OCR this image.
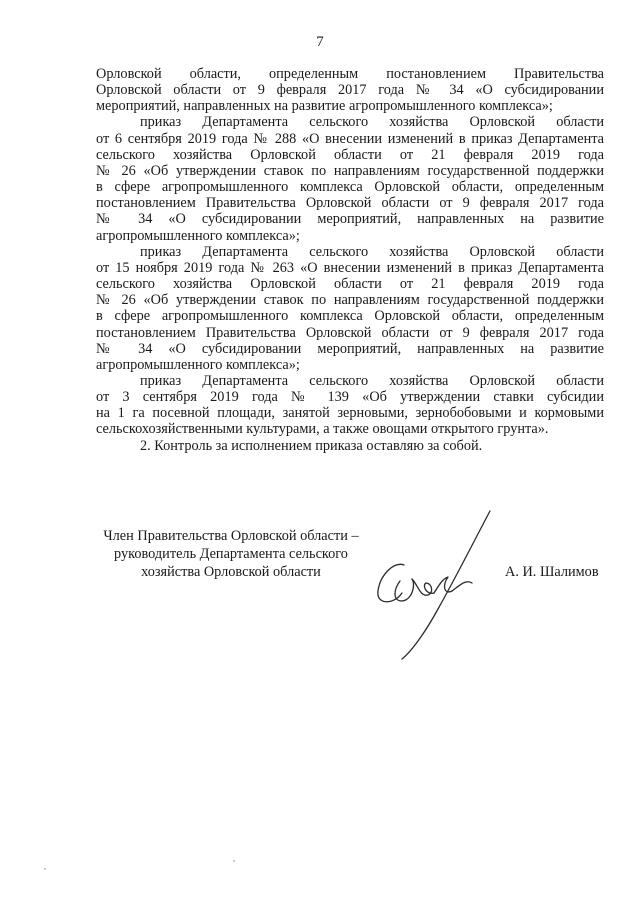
7

Орловской области, определенным постановлением Правительства
Орловской области от 9 февраля 2017 года № 34 «О субсидировании
мероприятий, направленных на развитие агропромышленного комплекса»;

приказ Департамента сельского хозяйства Орловской области
от 6 сентября 2019 года № 288 «О внесении изменений в приказ Департамента
сельского хозяйства Орловской области от 21 февраля 2019 года
№ 26 «Об утверждении ставок по направлениям государственной поддержки
в сфере агропромышленного комплекса Орловской области, определенным
постановлением Правительства Орловской области от 9 февраля 2017 года
№ 34 «О субсидировании мероприятий, направленных на развитие
агропромышленного комплекса»;

приказ Департамента сельского хозяйства Орловской области
от 15 ноября 2019 года № 263 «О внесении изменений в приказ Департамента
сельского хозяйства Орловской области от 21 февраля 2019 года
№ 26 «Об утверждении ставок по направлениям государственной поддержки
в сфере агропромышленного комплекса Орловской области, определенным
постановлением Правительства Орловской области от 9 февраля 2017 года
№ 34 «О субсидировании мероприятий, направленных на развитие
агропромышленного комплекса»;

приказ Департамента сельского хозяйства Орловской области
от 3 сентября 2019 года № 139 «Об утверждении ставки субсидии
на 1 га посевной площади, занятой зерновыми, зернобобовыми и кормовыми
сельскохозяйственными культурами, а также овощами открытого грунта».

2. Контроль за исполнением приказа оставляю за собой.

Член Правительства Орловской области –
руководитель Департамента сельского
хозяйства Орловской области	А. И. Шалимов
